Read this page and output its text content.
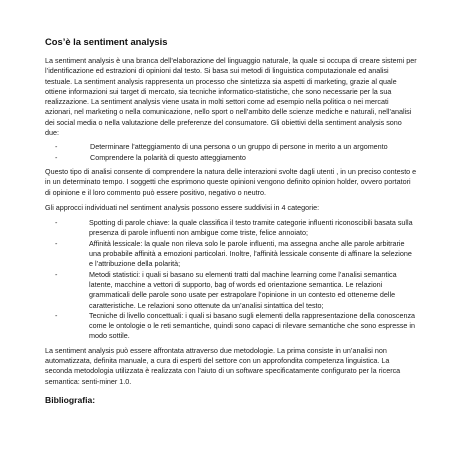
Cos’è la sentiment analysis

La sentiment analysis è una branca dell’elaborazione del linguaggio naturale, la quale si occupa di creare sistemi per l’identificazione ed estrazioni di opinioni dal testo. Si basa sui metodi di linguistica computazionale ed analisi testuale. La sentiment analysis rappresenta un processo che sintetizza sia aspetti di marketing, grazie al quale ottiene informazioni sui target di mercato, sia tecniche informatico-statistiche, che sono necessarie per la sua realizzazione. La sentiment analysis viene usata in molti settori come ad esempio nella politica o nei mercati azionari, nel marketing o nella comunicazione, nello sport o nell’ambito delle scienze mediche e naturali, nell’analisi dei social media o nella valutazione delle preferenze del consumatore. Gli obiettivi della sentiment analysis sono due:

-	Determinare l’atteggiamento di una persona o un gruppo di persone in merito a un argomento
-	Comprendere la polarità di questo atteggiamento

Questo tipo di analisi consente di comprendere la natura delle interazioni svolte dagli utenti , in un preciso contesto e in un determinato tempo. I soggetti che esprimono queste opinioni vengono definito opinion holder, ovvero portatori di opinione e il loro commento può essere positivo, negativo o neutro.

Gli approcci individuati nel sentiment analysis possono essere suddivisi in 4 categorie:

-	Spotting di parole chiave: la quale classifica il testo tramite categorie influenti riconoscibili basata sulla presenza di parole influenti non ambigue come triste, felice annoiato;
-	Affinità lessicale: la quale non rileva solo le parole influenti, ma assegna anche alle parole arbitrarie una probabile affinità a emozioni particolari. Inoltre, l’affinità lessicale consente di affinare la selezione e l’attribuzione della polarità;
-	Metodi statistici: i quali si basano su elementi tratti dal machine learning come l’analisi semantica latente, macchine a vettori di supporto, bag of words ed orientazione semantica. Le relazioni grammaticali delle parole sono usate per estrapolare l’opinione in un contesto ed ottenerne delle caratteristiche. Le relazioni sono ottenute da un’analisi sintattica del testo;
-	Tecniche di livello concettuali: i quali si basano sugli elementi della rappresentazione della conoscenza come le ontologie o le reti semantiche, quindi sono capaci di rilevare semantiche che sono espresse in modo sottile.

La sentiment analysis può essere affrontata attraverso due metodologie. La prima consiste in un’analisi non automatizzata, definita manuale, a cura di esperti del settore con un approfondita competenza linguistica. La seconda metodologia utilizzata è realizzata con l’aiuto di un software specificatamente configurato per la ricerca semantica: senti-miner 1.0.

Bibliografia:
